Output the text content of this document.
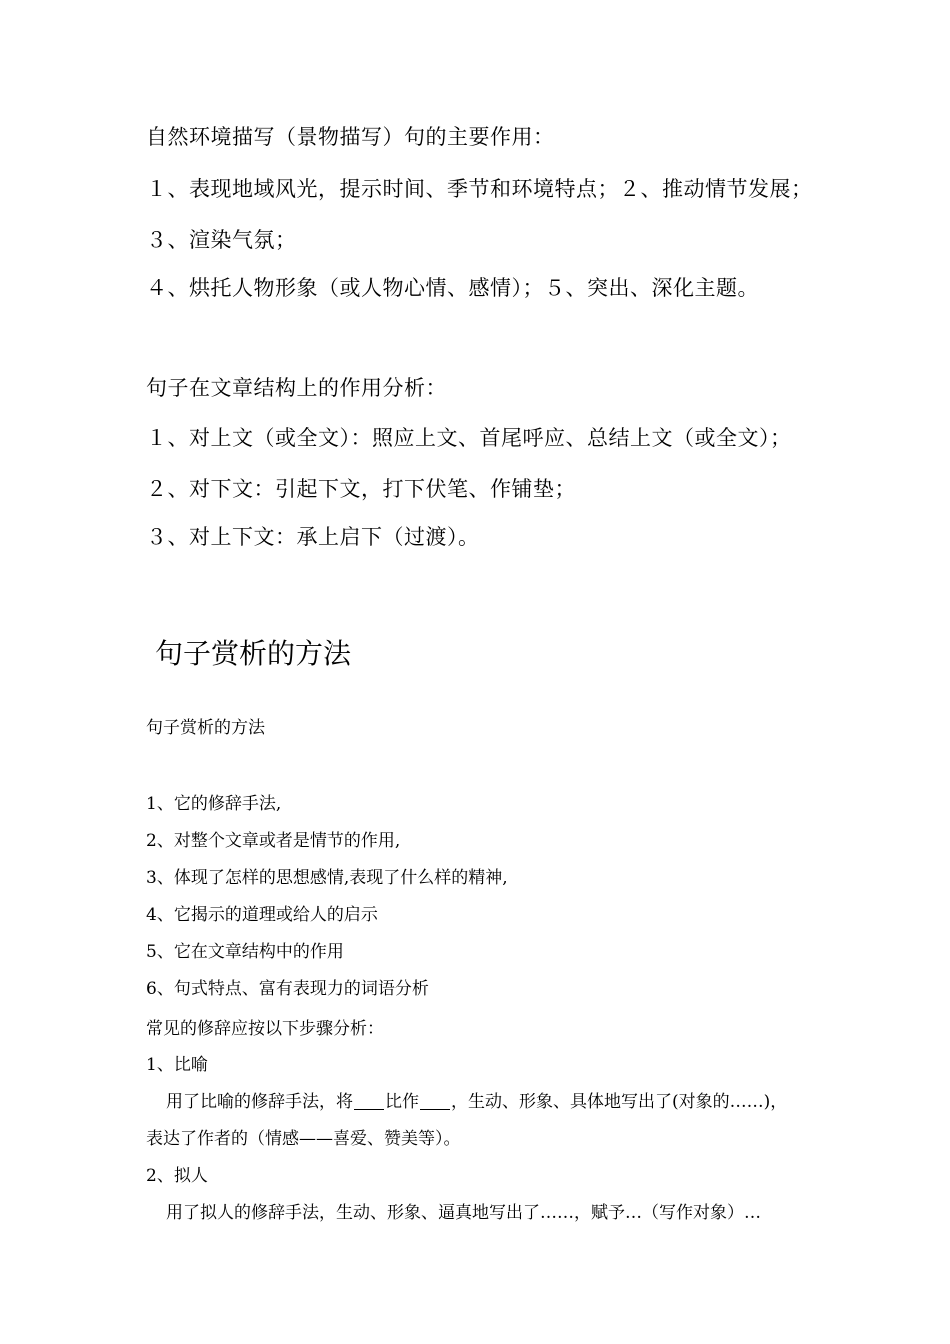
自然环境描写（景物描写）句的主要作用：
１、表现地域风光，提示时间、季节和环境特点；２、推动情节发展；
３、渲染气氛；
４、烘托人物形象（或人物心情、感情）；５、突出、深化主题。
句子在文章结构上的作用分析：
１、对上文（或全文）：照应上文、首尾呼应、总结上文（或全文）；
２、对下文：引起下文，打下伏笔、作铺垫；
３、对上下文：承上启下（过渡）。
句子赏析的方法
句子赏析的方法
1、它的修辞手法,
2、对整个文章或者是情节的作用,
3、体现了怎样的思想感情,表现了什么样的精神,
4、它揭示的道理或给人的启示
5、它在文章结构中的作用
6、句式特点、富有表现力的词语分析
常见的修辞应按以下步骤分析：
1、比喻
用了比喻的修辞手法，将 比作 ，生动、形象、具体地写出了(对象的……)，
表达了作者的（情感——喜爱、赞美等）。
2、拟人
用了拟人的修辞手法，生动、形象、逼真地写出了……，赋予…（写作对象）…
